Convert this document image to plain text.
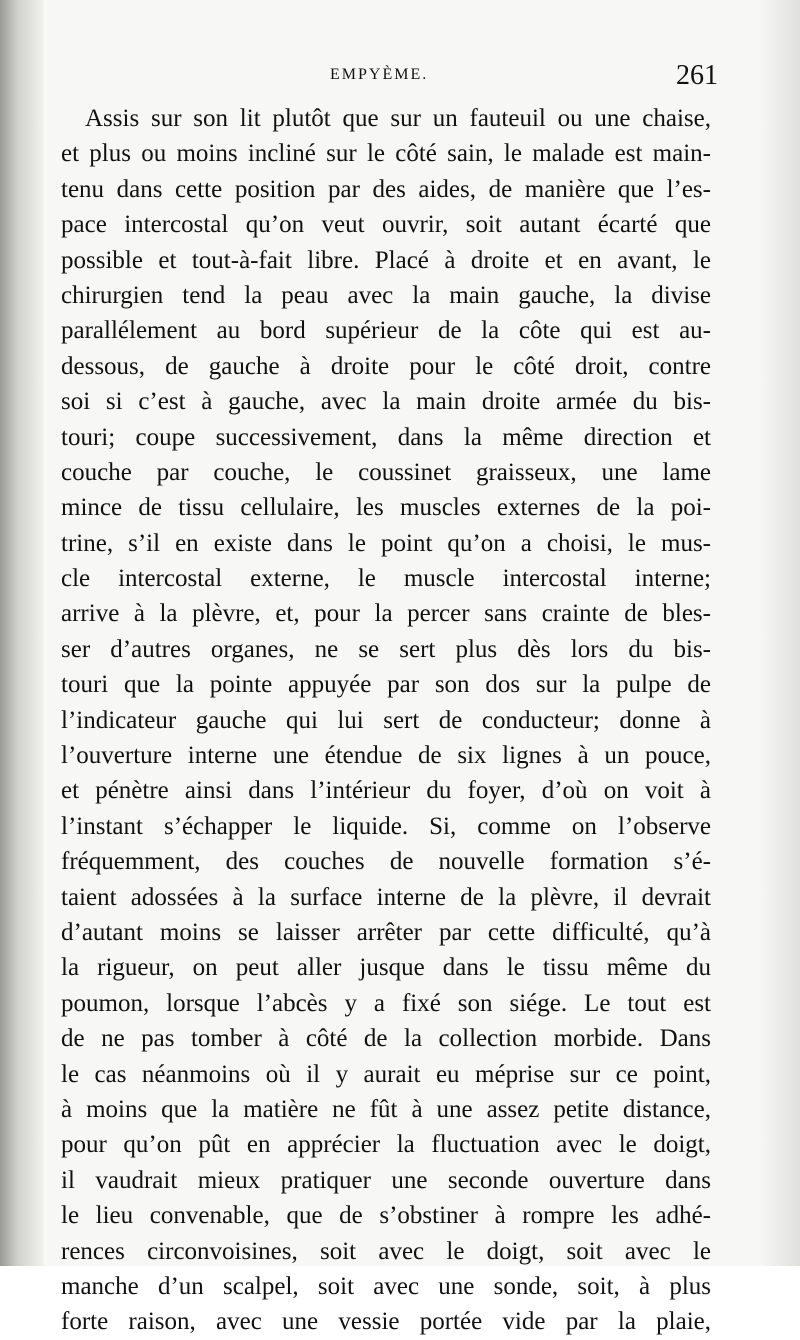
EMPYÈME.	261
Assis sur son lit plutôt que sur un fauteuil ou une chaise,
et plus ou moins incliné sur le côté sain, le malade est main-
tenu dans cette position par des aides, de manière que l’es-
pace intercostal qu’on veut ouvrir, soit autant écarté que
possible et tout-à-fait libre. Placé à droite et en avant, le
chirurgien tend la peau avec la main gauche, la divise
parallélement au bord supérieur de la côte qui est au-
dessous, de gauche à droite pour le côté droit, contre
soi si c’est à gauche, avec la main droite armée du bis-
touri; coupe successivement, dans la même direction et
couche par couche, le coussinet graisseux, une lame
mince de tissu cellulaire, les muscles externes de la poi-
trine, s’il en existe dans le point qu’on a choisi, le mus-
cle intercostal externe, le muscle intercostal interne;
arrive à la plèvre, et, pour la percer sans crainte de bles-
ser d’autres organes, ne se sert plus dès lors du bis-
touri que la pointe appuyée par son dos sur la pulpe de
l’indicateur gauche qui lui sert de conducteur; donne à
l’ouverture interne une étendue de six lignes à un pouce,
et pénètre ainsi dans l’intérieur du foyer, d’où on voit à
l’instant s’échapper le liquide. Si, comme on l’observe
fréquemment, des couches de nouvelle formation s’é-
taient adossées à la surface interne de la plèvre, il devrait
d’autant moins se laisser arrêter par cette difficulté, qu’à
la rigueur, on peut aller jusque dans le tissu même du
poumon, lorsque l’abcès y a fixé son siége. Le tout est
de ne pas tomber à côté de la collection morbide. Dans
le cas néanmoins où il y aurait eu méprise sur ce point,
à moins que la matière ne fût à une assez petite distance,
pour qu’on pût en apprécier la fluctuation avec le doigt,
il vaudrait mieux pratiquer une seconde ouverture dans
le lieu convenable, que de s’obstiner à rompre les adhé-
rences circonvoisines, soit avec le doigt, soit avec le
manche d’un scalpel, soit avec une sonde, soit, à plus
forte raison, avec une vessie portée vide par la plaie,
